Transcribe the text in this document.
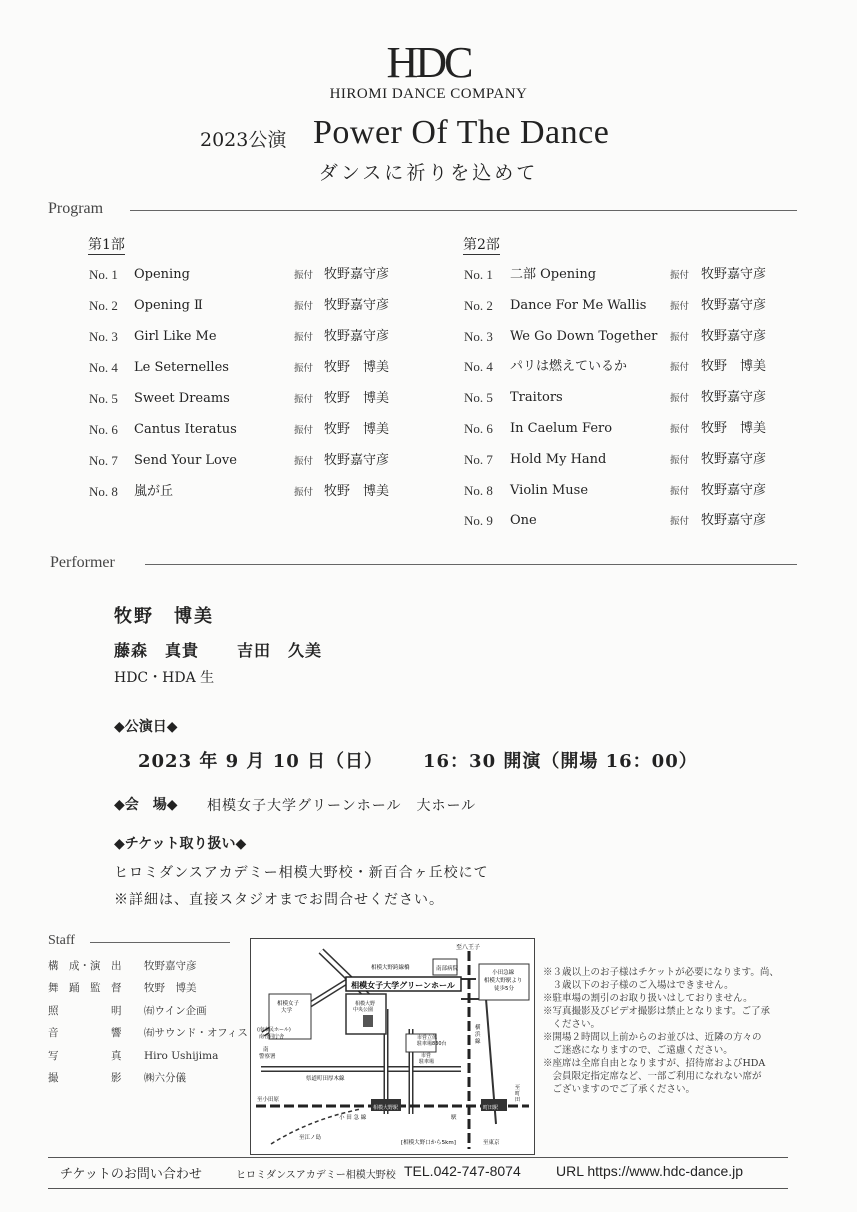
HDC
HIROMI DANCE COMPANY
2023公演 Power Of The Dance
ダンスに祈りを込めて
Program
第1部	第2部
No. 1 Opening	振付 牧野嘉守彦
No. 2 Opening Ⅱ	振付 牧野嘉守彦
No. 3 Girl Like Me	振付 牧野嘉守彦
No. 4 Le Seternelles	振付 牧野　博美
No. 5 Sweet Dreams	振付 牧野　博美
No. 6 Cantus Iteratus	振付 牧野　博美
No. 7 Send Your Love	振付 牧野嘉守彦
No. 8 嵐が丘	振付 牧野　博美
No. 1 二部 Opening	振付 牧野嘉守彦
No. 2 Dance For Me Wallis 振付 牧野嘉守彦
No. 3 We Go Down Together 振付 牧野嘉守彦
No. 4 パリは燃えているか	振付 牧野　博美
No. 5 Traitors	振付 牧野嘉守彦
No. 6 In Caelum Fero	振付 牧野　博美
No. 7 Hold My Hand	振付 牧野嘉守彦
No. 8 Violin Muse	振付 牧野嘉守彦
No. 9 One	振付 牧野嘉守彦
Performer
牧野　博美
藤森　真貴 吉田　久美
HDC・HDA 生
◆公演日◆
2023 年 9 月 10 日（日） 16：30 開演（開場 16：00）
◆会　場◆ 相模女子大学グリーンホール　大ホール
◆チケット取り扱い◆
ヒロミダンスアカデミー相模大野校・新百合ヶ丘校にて
※詳細は、直接スタジオまでお問合せください。
Staff
構　成・演　出 牧野嘉守彦
舞　踊　監　督 牧野　博美
照　　　　　明 ㈲ウイン企画
音　　　　　響 ㈲サウンド・オフィス
写　　　　　真 Hiro Ushijima
撮　　　　　影 ㈱六分儀
相模女子大学グリーンホール
至八王子
相模大野跨線橋	南部病院
小田急線 相模大野駅より 徒歩5分
相模女子 大学
(南市民ホール) 南合同庁舎
南 警察署
相模大野 中央公園
市営立体 駐車場830台
市営 駐車場
県道町田厚木線
相模大野駅
小 田 急 線
横 浜 線
町田駅
至小田原
至江ノ島
駅
[相模大野口から5km]
至 町 田
至東京
※３歳以上のお子様はチケットが必要になります。尚、
　３歳以下のお子様のご入場はできません。
※駐車場の割引のお取り扱いはしておりません。
※写真撮影及びビデオ撮影は禁止となります。ご了承
　ください。
※開場２時間以上前からのお並びは、近隣の方々の
　ご迷惑になりますので、ご遠慮ください。
※座席は全席自由となりますが、招待席およびHDA
　会員限定指定席など、一部ご利用になれない席が
　ございますのでご了承ください。
チケットのお問い合わせ	ヒロミダンスアカデミー相模大野校 TEL.042-747-8074	URL https://www.hdc-dance.jp
